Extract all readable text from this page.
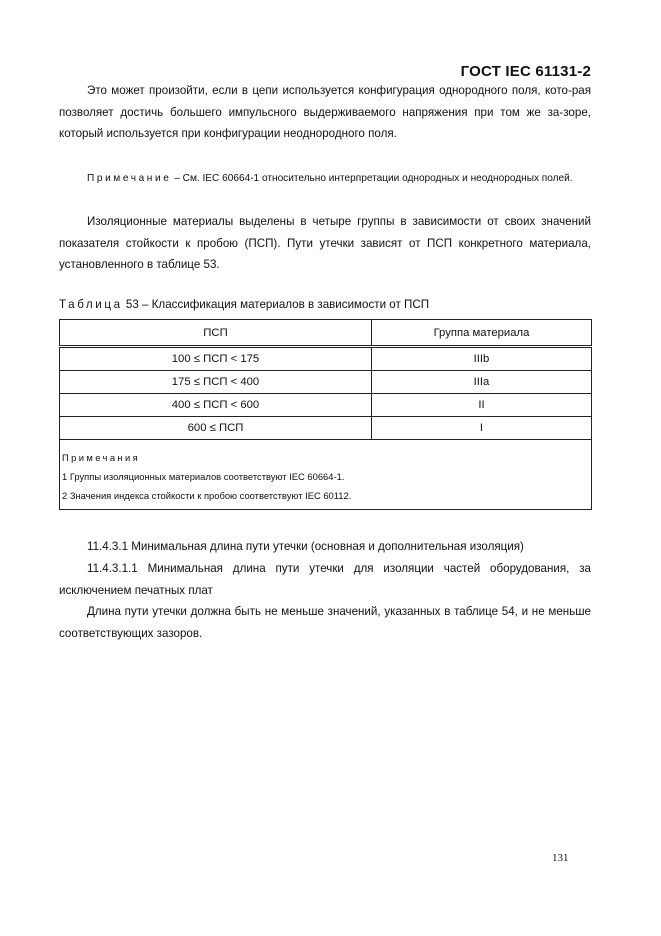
ГОСТ IEC 61131-2
Это может произойти, если в цепи используется конфигурация однородного поля, кото-рая позволяет достичь большего импульсного выдерживаемого напряжения при том же за-зоре, который используется при конфигурации неоднородного поля.
Примечание – См. IEC 60664-1 относительно интерпретации однородных и неоднородных полей.
Изоляционные материалы выделены в четыре группы в зависимости от своих значений показателя стойкости к пробою (ПСП). Пути утечки зависят от ПСП конкретного материала, установленного в таблице 53.
Таблица 53 – Классификация материалов в зависимости от ПСП
ПСП	Группа материала
100 ≤ ПСП < 175	IIIb
175 ≤ ПСП < 400	IIIa
400 ≤ ПСП < 600	II
600 ≤ ПСП	I

Примечания
1 Группы изоляционных материалов соответствуют IEC 60664-1.
2 Значения индекса стойкости к пробою соответствуют IEC 60112.	
11.4.3.1 Минимальная длина пути утечки (основная и дополнительная изоляция)
11.4.3.1.1 Минимальная длина пути утечки для изоляции частей оборудования, за исключением печатных плат
Длина пути утечки должна быть не меньше значений, указанных в таблице 54, и не меньше соответствующих зазоров.
131
